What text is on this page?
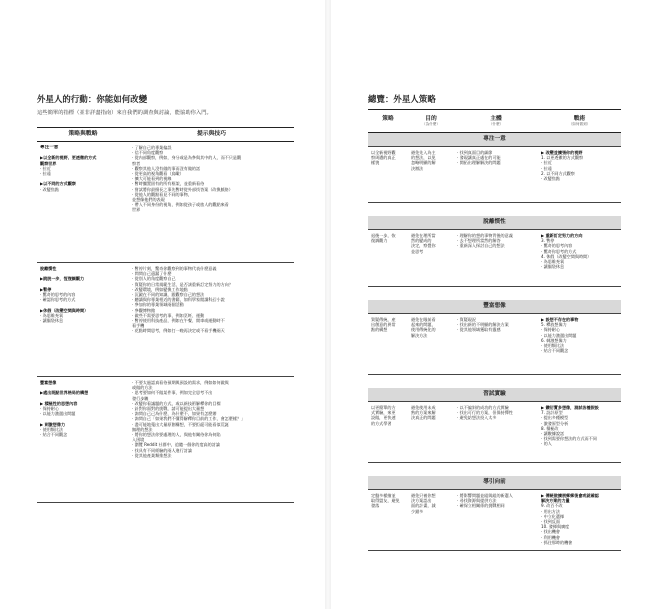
外星人的行動：你能如何改變
這些簡單的指標（並非詳盡指南）來自我們的調查與討論，能協助你入門。
策略與戰略	提示與技巧
專注一意

▶以全新的視野、更透徹的方式
觀察世界
· 拉近
· 拉遠

▶以不同的方式觀察
· 改變焦點
· 了解自己的專業偏誤
· 信不同角度觀察
· 從內部觀察，例如，身分或是為參與其中的人，而不只是觀
察者
· 觀察其他人沒有做的事而沒有做的話
· 從更高的視角觀看（鳥瞰）
· 擴大可能看到的視線
· 暫時擱置固有的所有框架，並重新看待
· 嘗試將你最擅長之事先暫時從外部找答案（改換脈絡）
· 從他人的觀點看見不同的事物，
並想像他們的表現
· 帶入不同身份的視角，例如從孩子或旅人的觀點來看
世界
脫離慣性

▶跳脫一步，恆復調觀力

▶暫停
· 驚奇的思考的內容
· 確認你思考的方式

▶休假（改變空間與時間）
· 為思維充氧
· 讓腦袋休息
· 暫停片刻，驚奇你觀察到的事物代表什麼意義
· 問問自己還漏了什麼
· 從別人的角度觀察自己
· 質疑你的日常規範生活，是否該重新訂定努力的方向？
· 改變環境，例如變換工作地點
· 沉澱在不同的知識，跟觀察自己的想法
· 聽讀與你專業相近的書籍，如科學家閱讀科幻小說
· 參加你的專業領域兩個活動
· 參觀博物館
· 做些不需要思考的事，例如烹飪、運動
· 暫停使用科技產品，例如在午餐、開車或運動時不
看手機
· 花點時間思考，例如打一晚再決定或不看手機兩天
豐富想像

▶處出既點世界格局的構想

▶ 積極性的思想內容
· 保持耐心
· 以能力激盪出問題

▶ 刺激想像力
· 使用類比法
· 結合不同觀念
· 不要太過認真看待預期與預設的需求，例如如何做與
或做的方法
· 思考要如何不做某件事，例如完全思考不出
發行步驟
· 改變你看議題的方式，或以新技術解釋你的目標
· 針對你面對的挑戰，請可能提出大量想
· 詢問自己己為什麼，為什麼不，如果有怎麼辦
· 詢問自己「如果我們不懂得解釋你目前的工作，會怎麼樣？」
· 盡可能地蒐出大量原創構想，不要拒絕可能看似荒誕
無理的想法
· 將你的想法你要處理的人，與他有關待你為何陷
入困境
· 瀏覽 Reddit 社群中，追隨一個你的度高的討論
· 找具有不同經驗的兩人進行討論
· 從其他產業類推想法
總覽：外星人策略
策略	目的
（為什麼）
主體
（什麼）
戰術
（如何做到）
專注一意
以全新視野觀
察周遭的真正
樣貌
避免先入為主
的想法，以免
忽略明顯的解
決辦法
· 找到真面目的細節
· 發現讓真正處在的可能
· 開拓出理解解決的問題
▶ 改變並擴張你的視野
1. 以更透徹的方式觀察
· 拉近
· 拉遠
2. 以不同方式觀察
· 改變焦點
脫離慣性
退後一步，恢
復調觀力
避免在理所當
然的變成的
決定，察覺你
並思考
· 理解你的想的事物背後的意義
· 去不想理所當然的解答
· 重新深入探討自己的想法
▶ 重新訂定努力的方向
3. 暫停
· 驚奇的思考內容
· 驚奇你思考的方式
4. 休假（改變空間與時間）
· 為思維充氧
· 讓腦袋休息
豐富想像
質疑傳統，產
出創意的異常
點的構想
避免在眼前看
起來的問題，
使用傳統化的
解決方法
· 質疑現況
· 找出新的不明顯的解決方案
· 從其他領域獲取有靈感
▶ 設想不存在的事物
5. 釋放想像力
· 保持耐心
· 以能力激盪出問題
6. 刺激想像力
· 使用類比法
· 結合不同觀念
習試實驗
以更簡單的方
式實驗，來更
設做，更快速
的方式學習
避免使用未成
熟的方案來解
決真正的問題
· 以不偏斜的成功的方式實驗
· 找出可行的方案，但保持彈性
· 避免給想法投入太多
▶ 鑽衍實多想像，測試各種假設
7. 設計原型
· 提出多種模型
· 激發原型分析
8. 積極改
· 讓數據說話
· 找到需要你想法的方式而不同
· 的人
導引向前
定盤多樣繪並
取得盟友，避免
發落
避免只被你想
決方案認出
面的計畫，減
少錯多
· 將影響問題並組與組的新選人
· 尋找資源與提供方法
· 確保立相關係的挑戰相同
▶ 傳統做擴展郵郵後會或就確認
解決方案的力量
9. 改百不改
· 用出方法
· 中立化選擇
· 找到反面
10. 發揮與廣度
· 找出機會
· 利用機會
· 抓住那時的機會
